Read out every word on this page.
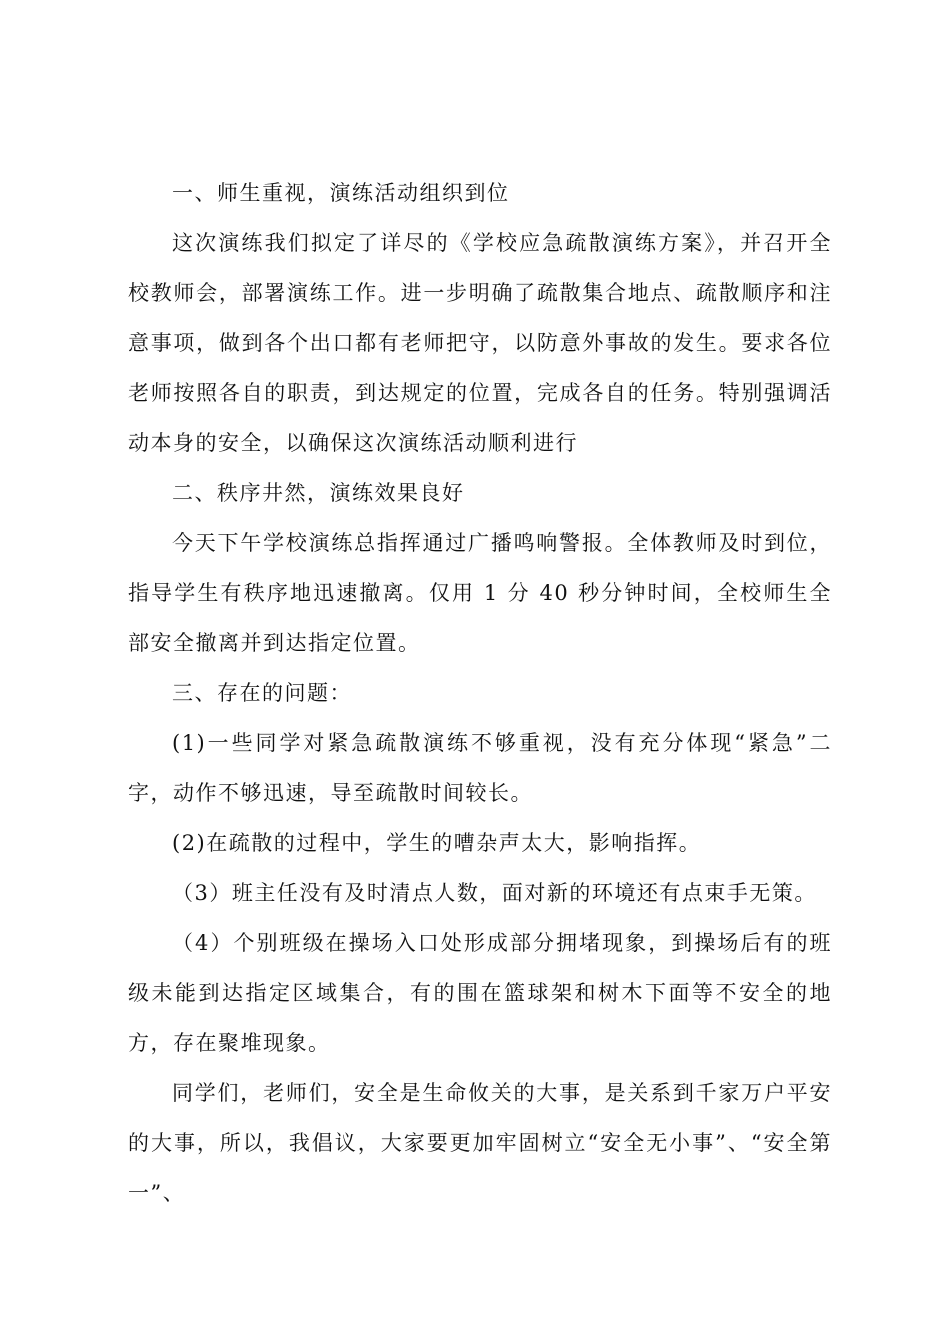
一、师生重视，演练活动组织到位

这次演练我们拟定了详尽的《学校应急疏散演练方案》，并召开全校教师会，部署演练工作。进一步明确了疏散集合地点、疏散顺序和注意事项，做到各个出口都有老师把守，以防意外事故的发生。要求各位老师按照各自的职责，到达规定的位置，完成各自的任务。特别强调活动本身的安全，以确保这次演练活动顺利进行

二、秩序井然，演练效果良好

今天下午学校演练总指挥通过广播鸣响警报。全体教师及时到位，指导学生有秩序地迅速撤离。仅用 1 分 40 秒分钟时间，全校师生全部安全撤离并到达指定位置。

三、存在的问题：

(1)一些同学对紧急疏散演练不够重视，没有充分体现“紧急”二字，动作不够迅速，导至疏散时间较长。

(2)在疏散的过程中，学生的嘈杂声太大，影响指挥。

（3）班主任没有及时清点人数，面对新的环境还有点束手无策。

（4）个别班级在操场入口处形成部分拥堵现象，到操场后有的班级未能到达指定区域集合，有的围在篮球架和树木下面等不安全的地方，存在聚堆现象。

同学们，老师们，安全是生命攸关的大事，是关系到千家万户平安的大事，所以，我倡议，大家要更加牢固树立“安全无小事”、“安全第一”、
